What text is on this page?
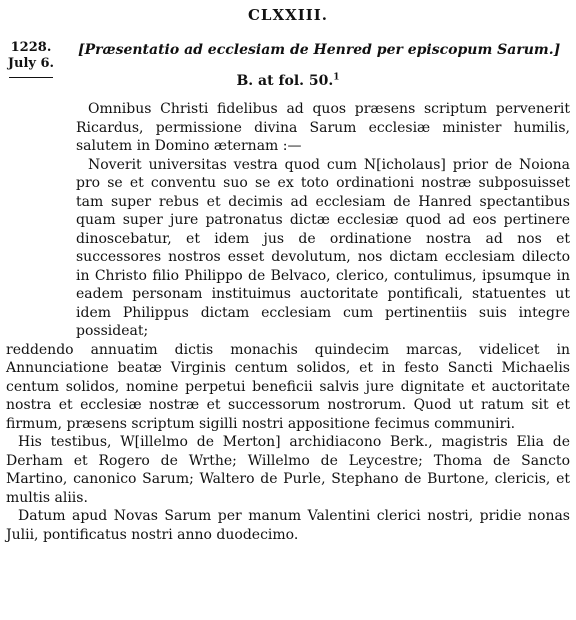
CLXXIII.
1228.
July 6.
[Præsentatio ad ecclesiam de Henred per episcopum Sarum.]
B. at fol. 50.$^1$

Omnibus Christi fidelibus ad quos præsens scriptum pervenerit Ricardus, permissione divina Sarum ecclesiæ minister humilis, salutem in Domino æternam :—

Noverit universitas vestra quod cum N[icholaus] prior de Noiona pro se et conventu suo se ex toto ordinationi nostræ subposuisset tam super rebus et decimis ad ecclesiam de Hanred spectantibus quam super jure patronatus dictæ ecclesiæ quod ad eos pertinere dinoscebatur, et idem jus de ordinatione nostra ad nos et successores nostros esset devolutum, nos dictam ecclesiam dilecto in Christo filio Philippo de Belvaco, clerico, contulimus, ipsumque in eadem personam instituimus auctoritate pontificali, statuentes ut idem Philippus dictam ecclesiam cum pertinentiis suis integre possideat;

reddendo annuatim dictis monachis quindecim marcas, videlicet in Annunciatione beatæ Virginis centum solidos, et in festo Sancti Michaelis centum solidos, nomine perpetui beneficii salvis jure dignitate et auctoritate nostra et ecclesiæ nostræ et successorum nostrorum. Quod ut ratum sit et firmum, præsens scriptum sigilli nostri appositione fecimus communiri.

His testibus, W[illelmo de Merton] archidiacono Berk., magistris Elia de Derham et Rogero de Wrthe; Willelmo de Leycestre; Thoma de Sancto Martino, canonico Sarum; Waltero de Purle, Stephano de Burtone, clericis, et multis aliis.

Datum apud Novas Sarum per manum Valentini clerici nostri, pridie nonas Julii, pontificatus nostri anno duodecimo.
